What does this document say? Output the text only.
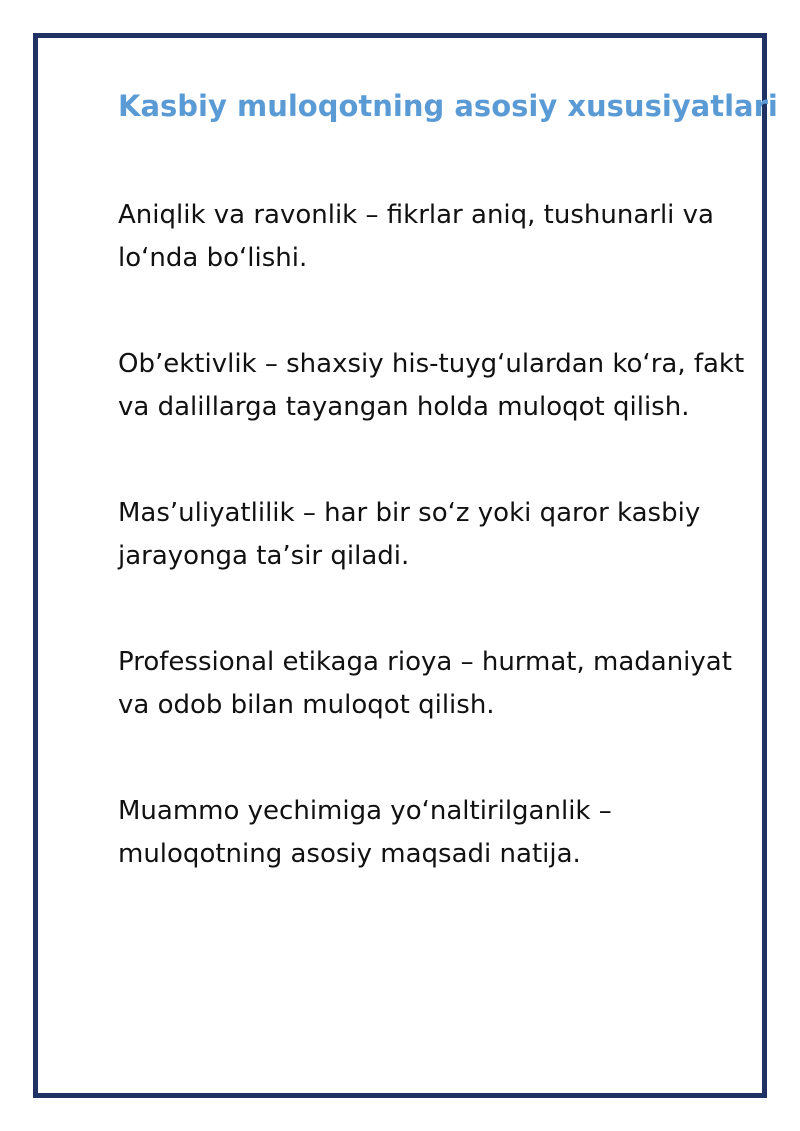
Kasbiy muloqotning asosiy xususiyatlari
Aniqlik va ravonlik – fikrlar aniq, tushunarli va
lo‘nda bo‘lishi.
Ob’ektivlik – shaxsiy his-tuyg‘ulardan ko‘ra, fakt
va dalillarga tayangan holda muloqot qilish.
Mas’uliyatlilik – har bir so‘z yoki qaror kasbiy
jarayonga ta’sir qiladi.
Professional etikaga rioya – hurmat, madaniyat
va odob bilan muloqot qilish.
Muammo yechimiga yo‘naltirilganlik –
muloqotning asosiy maqsadi natija.
